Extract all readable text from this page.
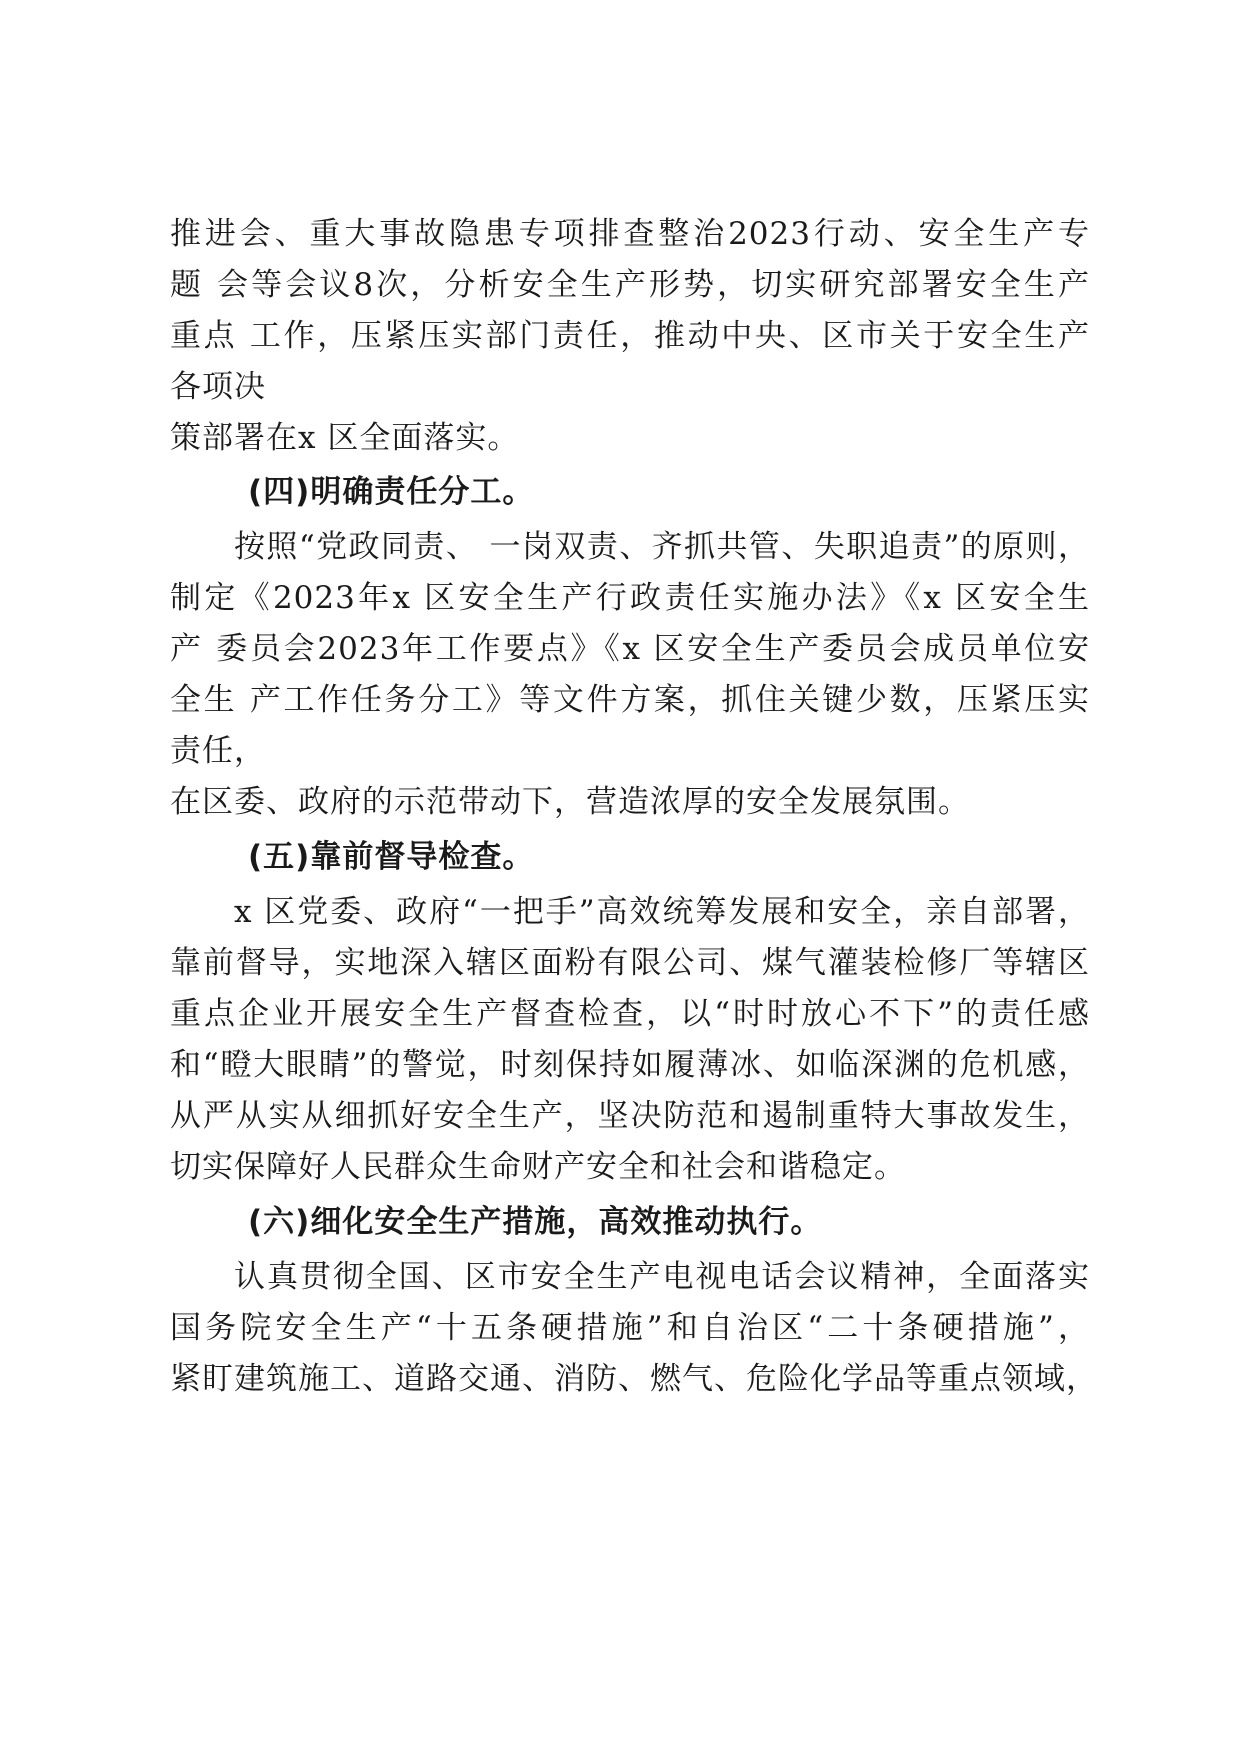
推进会、重大事故隐患专项排查整治2023行动、安全生产专
题 会等会议8次，分析安全生产形势，切实研究部署安全生产
重点 工作，压紧压实部门责任，推动中央、区市关于安全生产
各项决
策部署在x 区全面落实。
(四)明确责任分工。
按照“党政同责、 一岗双责、齐抓共管、失职追责”的原则，
制定《2023年x 区安全生产行政责任实施办法》《x 区安全生
产 委员会2023年工作要点》《x 区安全生产委员会成员单位安
全生 产工作任务分工》等文件方案，抓住关键少数，压紧压实
责任，
在区委、政府的示范带动下，营造浓厚的安全发展氛围。
(五)靠前督导检查。
x 区党委、政府“一把手”高效统筹发展和安全，亲自部署，
靠前督导，实地深入辖区面粉有限公司、煤气灌装检修厂等辖区
重点企业开展安全生产督查检查，以“时时放心不下”的责任感
和“瞪大眼睛”的警觉，时刻保持如履薄冰、如临深渊的危机感，
从严从实从细抓好安全生产，坚决防范和遏制重特大事故发生，
切实保障好人民群众生命财产安全和社会和谐稳定。
(六)细化安全生产措施，高效推动执行。
认真贯彻全国、区市安全生产电视电话会议精神，全面落实
国务院安全生产“十五条硬措施”和自治区“二十条硬措施”，
紧盯建筑施工、道路交通、消防、燃气、危险化学品等重点领域，
